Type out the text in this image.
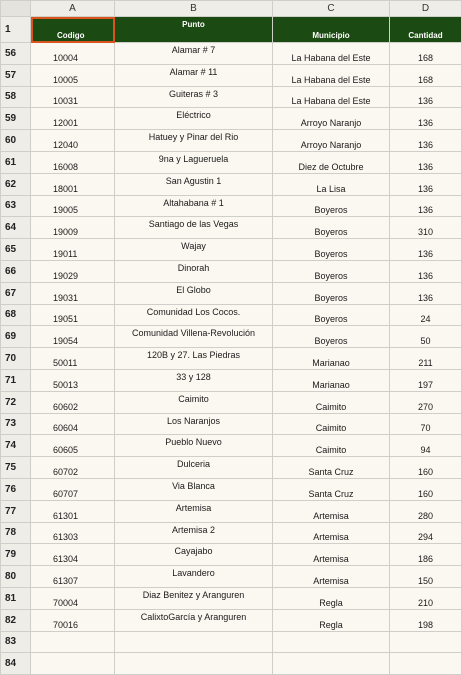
	A	B	C	D
1	Codigo	Punto	Municipio	Cantidad
56	10004	Alamar # 7	La Habana del Este	168
57	10005	Alamar # 11	La Habana del Este	168
58	10031	Guiteras # 3	La Habana del Este	136
59	12001	Eléctrico	Arroyo Naranjo	136
60	12040	Hatuey y Pinar del Rio	Arroyo Naranjo	136
61	16008	9na y Lagueruela	Diez de Octubre	136
62	18001	San Agustin 1	La Lisa	136
63	19005	Altahabana # 1	Boyeros	136
64	19009	Santiago de las Vegas	Boyeros	310
65	19011	Wajay	Boyeros	136
66	19029	Dinorah	Boyeros	136
67	19031	El Globo	Boyeros	136
68	19051	Comunidad Los Cocos.	Boyeros	24
69	19054	Comunidad Villena-Revolución	Boyeros	50
70	50011	120B y 27. Las Piedras	Marianao	211
71	50013	33 y 128	Marianao	197
72	60602	Caimito	Caimito	270
73	60604	Los Naranjos	Caimito	70
74	60605	Pueblo Nuevo	Caimito	94
75	60702	Dulceria	Santa Cruz	160
76	60707	Via Blanca	Santa Cruz	160
77	61301	Artemisa	Artemisa	280
78	61303	Artemisa 2	Artemisa	294
79	61304	Cayajabo	Artemisa	186
80	61307	Lavandero	Artemisa	150
81	70004	Diaz Benitez y Aranguren	Regla	210
82	70016	CalixtoGarcía y Aranguren	Regla	198
83				
84				
